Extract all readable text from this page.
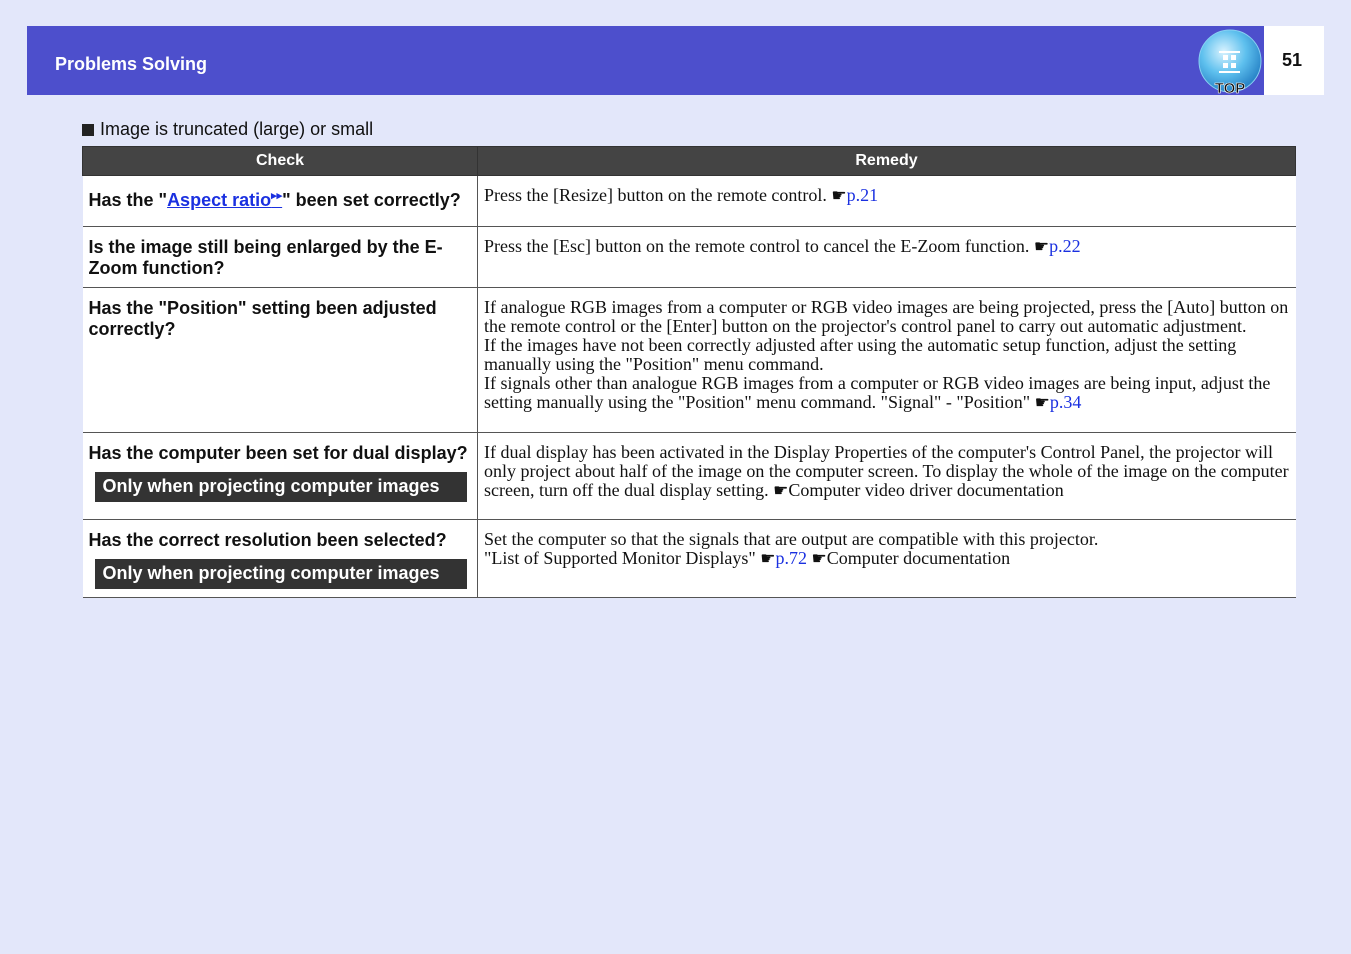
Problems Solving
TOP
51
Image is truncated (large) or small
Check	Remedy
Has the "Aspect ratio▸▸" been set correctly?	Press the [Resize] button on the remote control. ☛p.21
Is the image still being enlarged by the E-Zoom function?	Press the [Esc] button on the remote control to cancel the E-Zoom function. ☛p.22
Has the "Position" setting been adjusted correctly?	If analogue RGB images from a computer or RGB video images are being projected, press the [Auto] button on the remote control or the [Enter] button on the projector's control panel to carry out automatic adjustment.
If the images have not been correctly adjusted after using the automatic setup function, adjust the setting manually using the "Position" menu command.
If signals other than analogue RGB images from a computer or RGB video images are being input, adjust the setting manually using the "Position" menu command. "Signal" - "Position" ☛p.34

Has the computer been set for dual display?
Only when projecting computer images	If dual display has been activated in the Display Properties of the computer's Control Panel, the projector will only project about half of the image on the computer screen. To display the whole of the image on the computer screen, turn off the dual display setting. ☛Computer video driver documentation
Has the correct resolution been selected?
Only when projecting computer images	Set the computer so that the signals that are output are compatible with this projector.
"List of Supported Monitor Displays" ☛p.72 ☛Computer documentation
